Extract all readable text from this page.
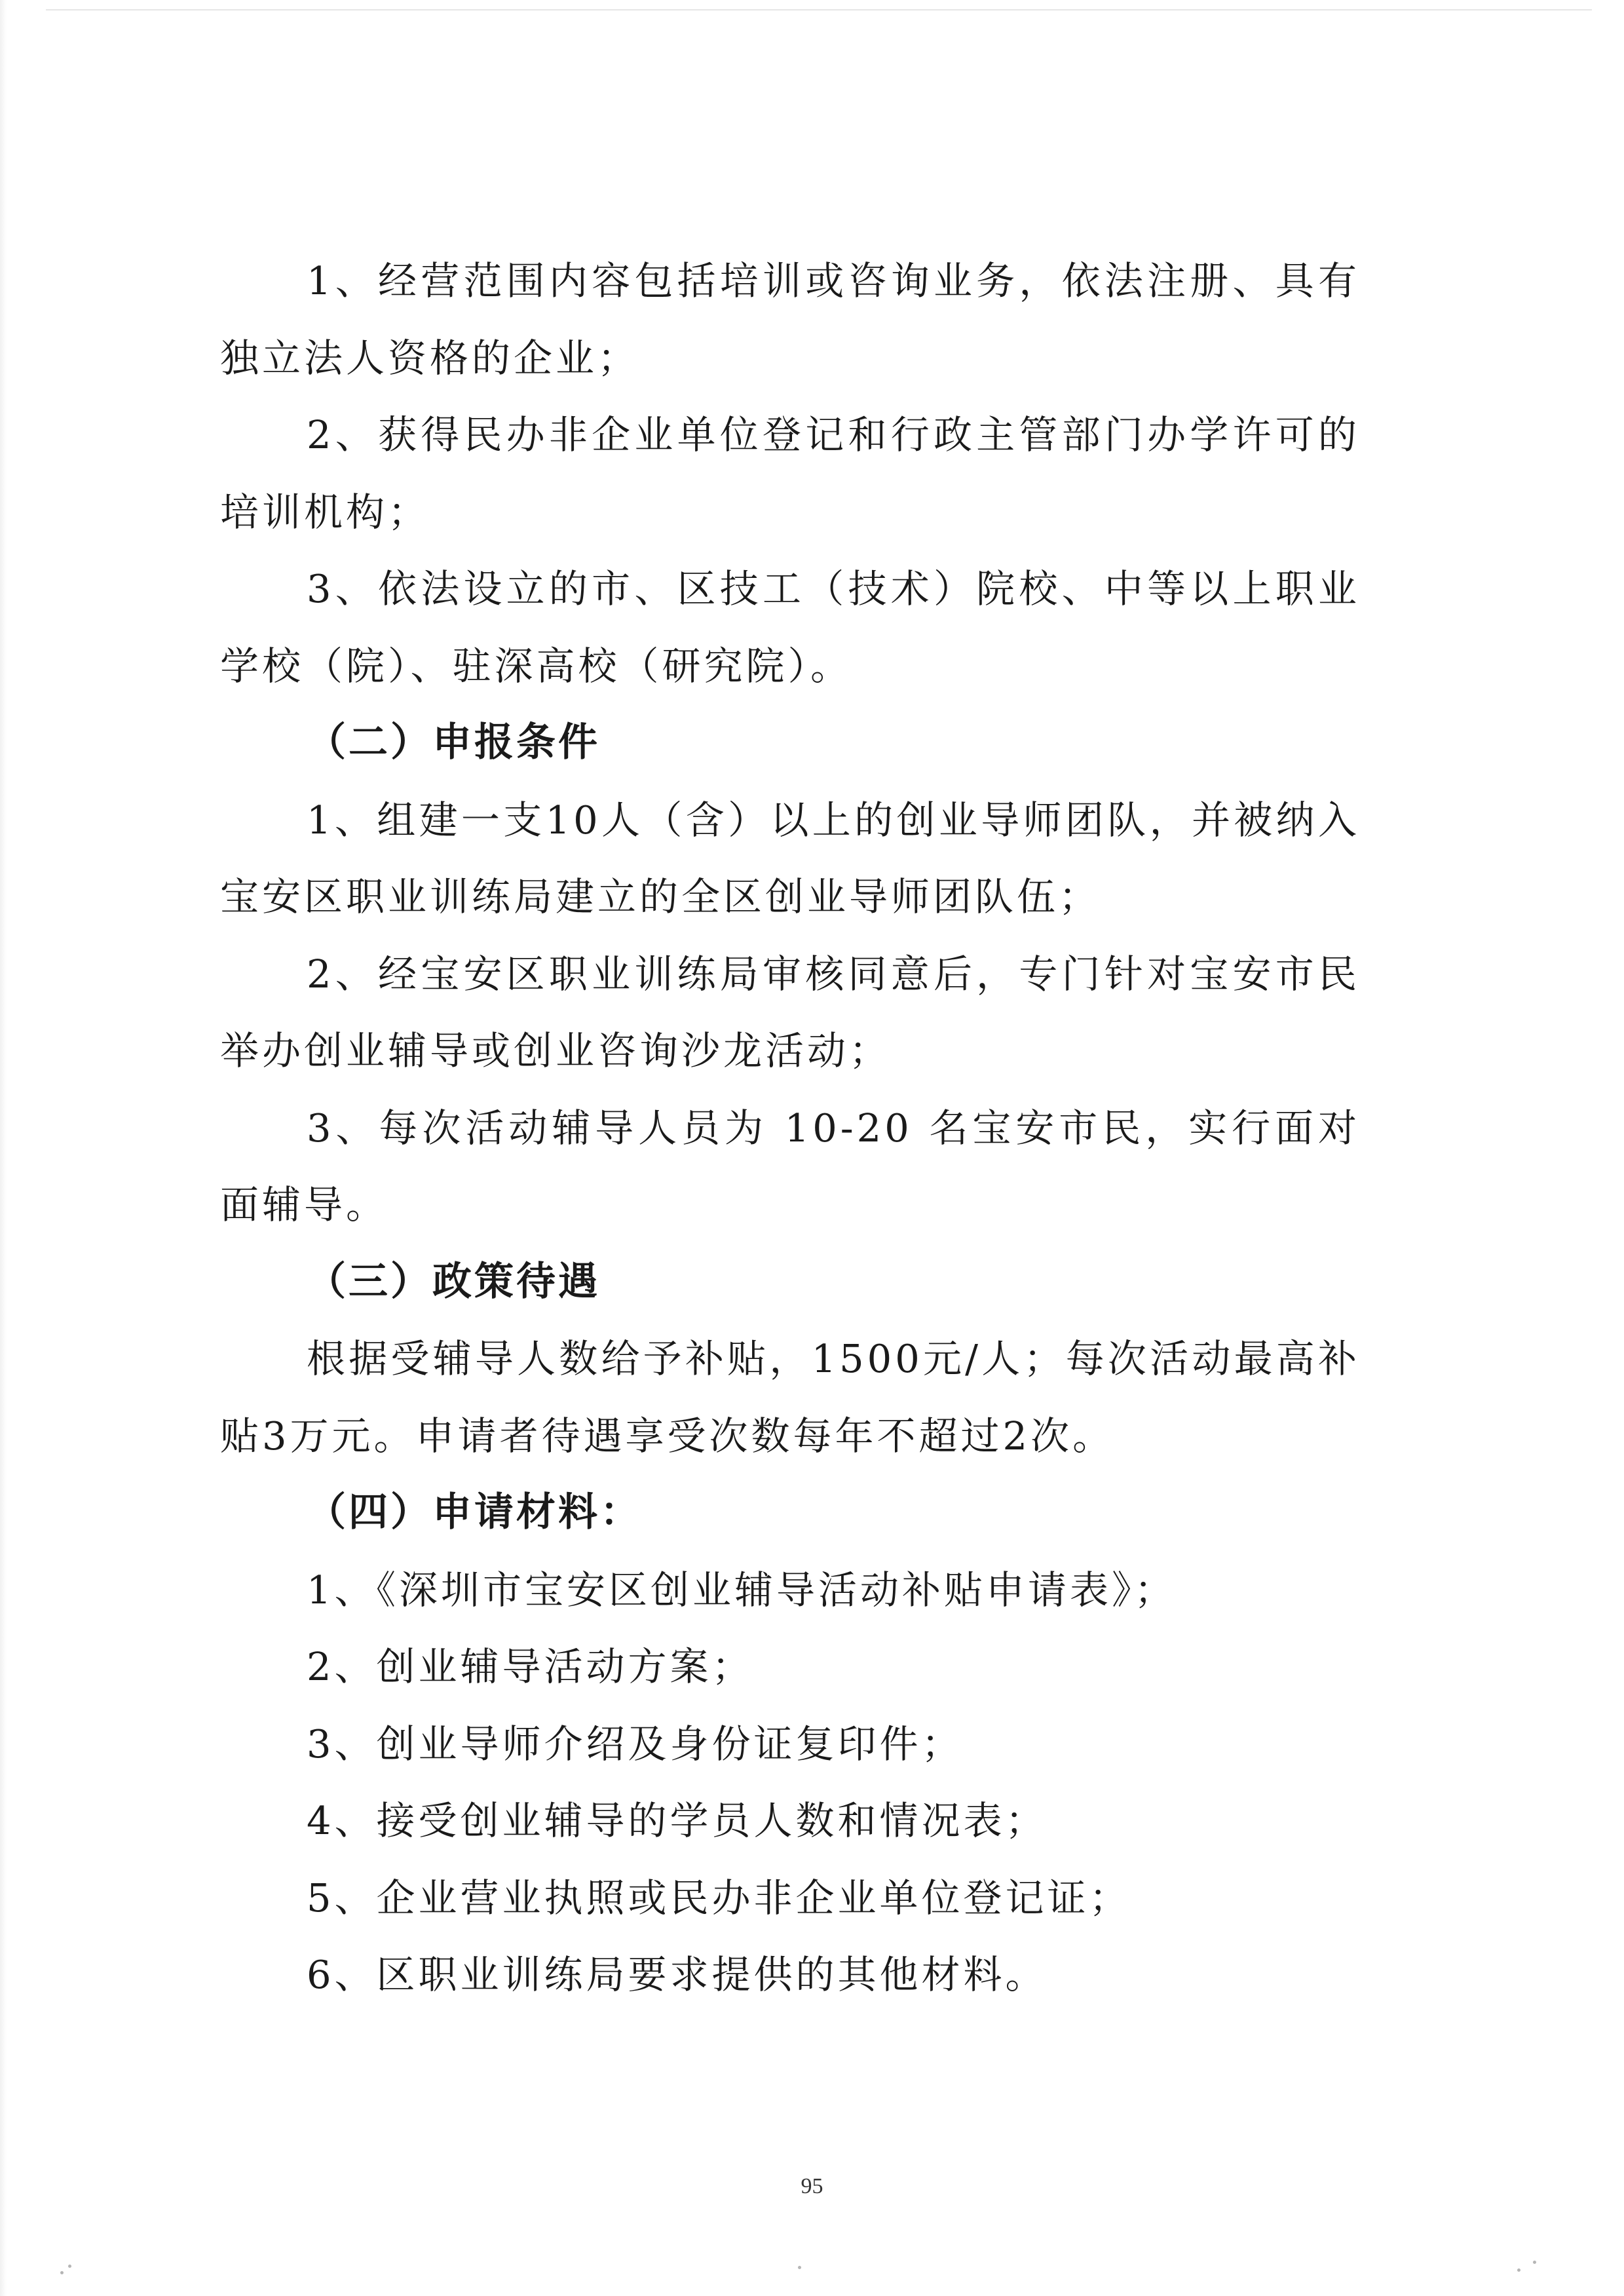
1、经营范围内容包括培训或咨询业务，依法注册、具有独立法人资格的企业；

2、获得民办非企业单位登记和行政主管部门办学许可的培训机构；

3、依法设立的市、区技工（技术）院校、中等以上职业学校（院）、驻深高校（研究院）。

（二）申报条件

1、组建一支10人（含）以上的创业导师团队，并被纳入宝安区职业训练局建立的全区创业导师团队伍；

2、经宝安区职业训练局审核同意后，专门针对宝安市民举办创业辅导或创业咨询沙龙活动；

3、每次活动辅导人员为 10-20 名宝安市民，实行面对面辅导。

（三）政策待遇

根据受辅导人数给予补贴，1500元/人；每次活动最高补贴3万元。申请者待遇享受次数每年不超过2次。

（四）申请材料：

1、《深圳市宝安区创业辅导活动补贴申请表》；

2、创业辅导活动方案；

3、创业导师介绍及身份证复印件；

4、接受创业辅导的学员人数和情况表；

5、企业营业执照或民办非企业单位登记证；

6、区职业训练局要求提供的其他材料。

95
